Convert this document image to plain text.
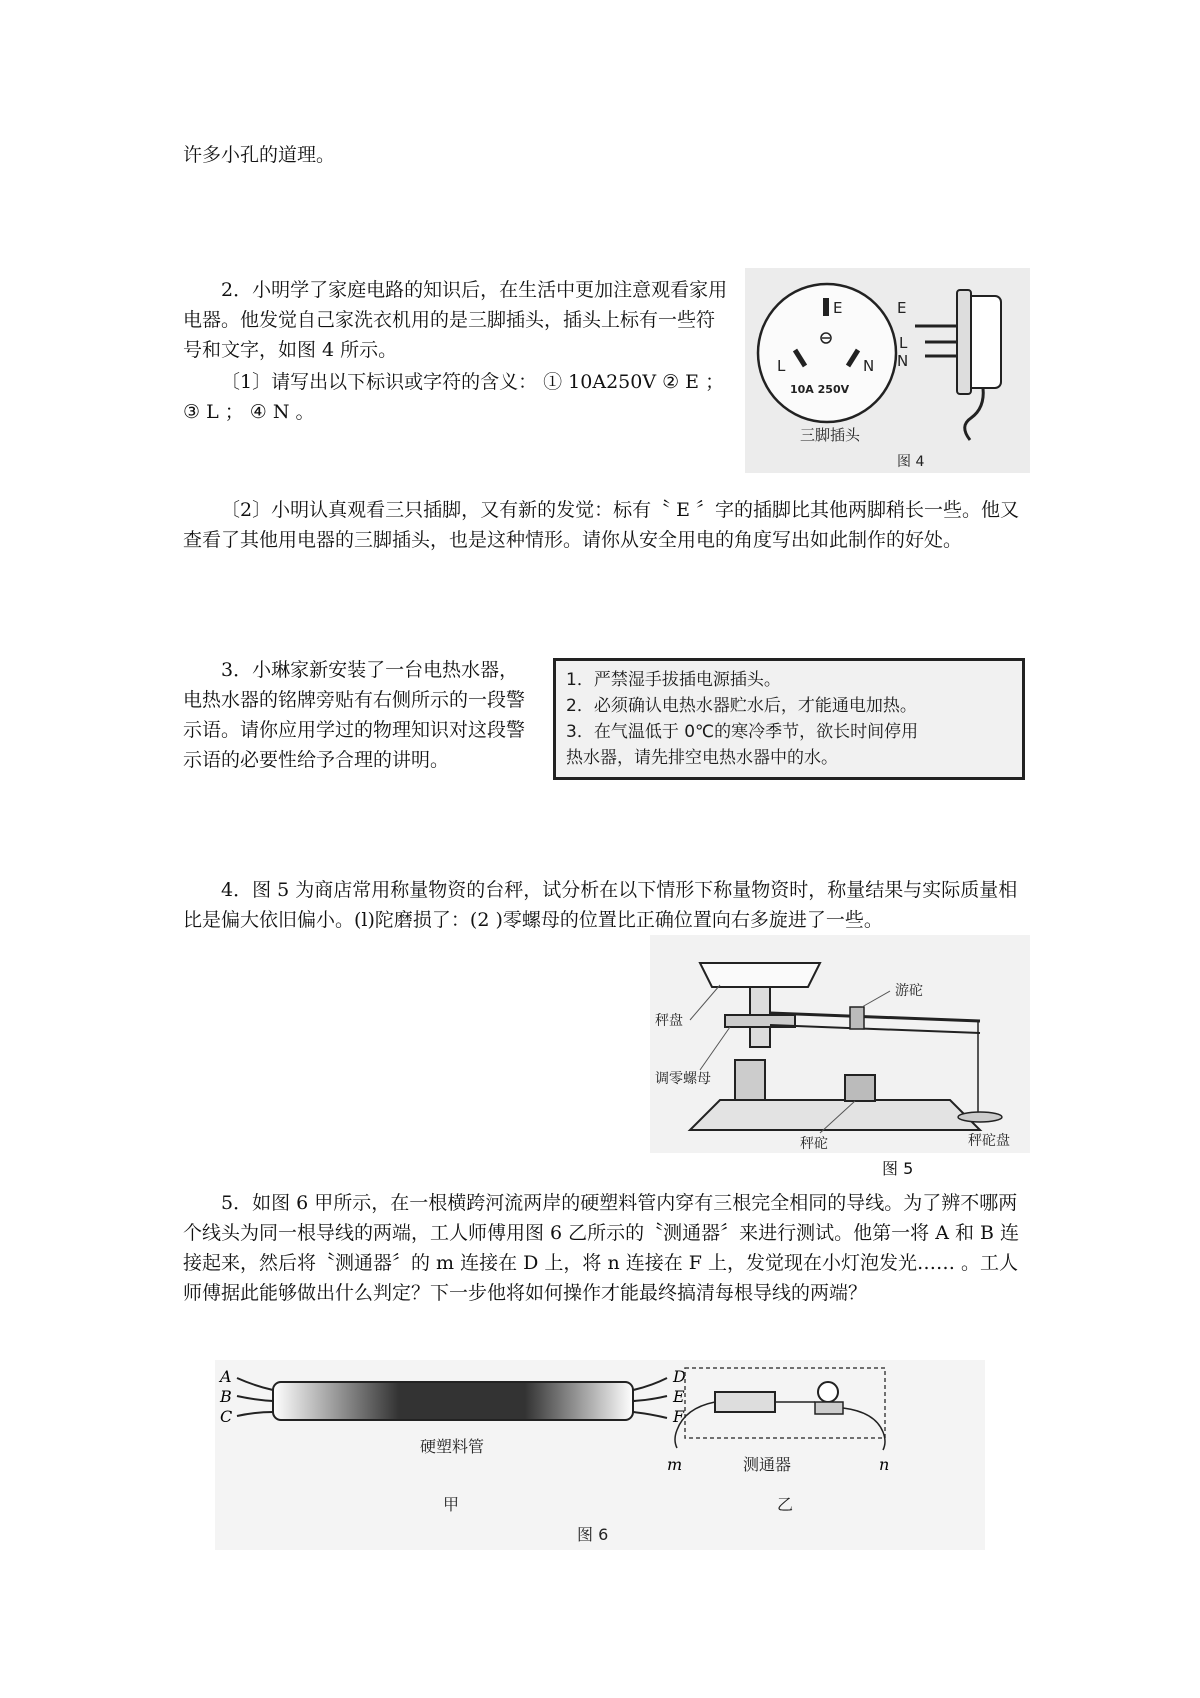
许多小孔的道理。

2．小明学了家庭电路的知识后，在生活中更加注意观看家用电器。他发觉自己家洗衣机用的是三脚插头，插头上标有一些符号和文字，如图 4 所示。

〔1〕请写出以下标识或字符的含义： ① 10A250V ② E ； ③ L ； ④ N 。

E
L	N
10A 250V
三脚插头
图 4
E
L
N

〔2〕小明认真观看三只插脚，又有新的发觉：标有〝 E 〞字的插脚比其他两脚稍长一些。他又查看了其他用电器的三脚插头，也是这种情形。请你从安全用电的角度写出如此制作的好处。

3．小琳家新安装了一台电热水器，电热水器的铭牌旁贴有右侧所示的一段警示语。请你应用学过的物理知识对这段警示语的必要性给予合理的讲明。

1．严禁湿手拔插电源插头。
2．必须确认电热水器贮水后，才能通电加热。
3．在气温低于 0℃的寒冷季节，欲长时间停用
热水器，请先排空电热水器中的水。

4．图 5 为商店常用称量物资的台秤，试分析在以下情形下称量物资时，称量结果与实际质量相比是偏大依旧偏小。(l)陀磨损了：(2 )零螺母的位置比正确位置向右多旋进了一些。

秤盘
游砣
调零螺母
秤砣	秤砣盘
图 5

5．如图 6 甲所示，在一根横跨河流两岸的硬塑料管内穿有三根完全相同的导线。为了辨不哪两个线头为同一根导线的两端，工人师傅用图 6 乙所示的〝测通器〞来进行测试。他第一将 A 和 B 连接起来，然后将〝测通器〞的 m 连接在 D 上，将 n 连接在 F 上，发觉现在小灯泡发光…… 。工人师傅据此能够做出什么判定？下一步他将如何操作才能最终搞清每根导线的两端？

A
B
C
D
E
F
硬塑料管
甲
m	测通器	n
乙
图 6
